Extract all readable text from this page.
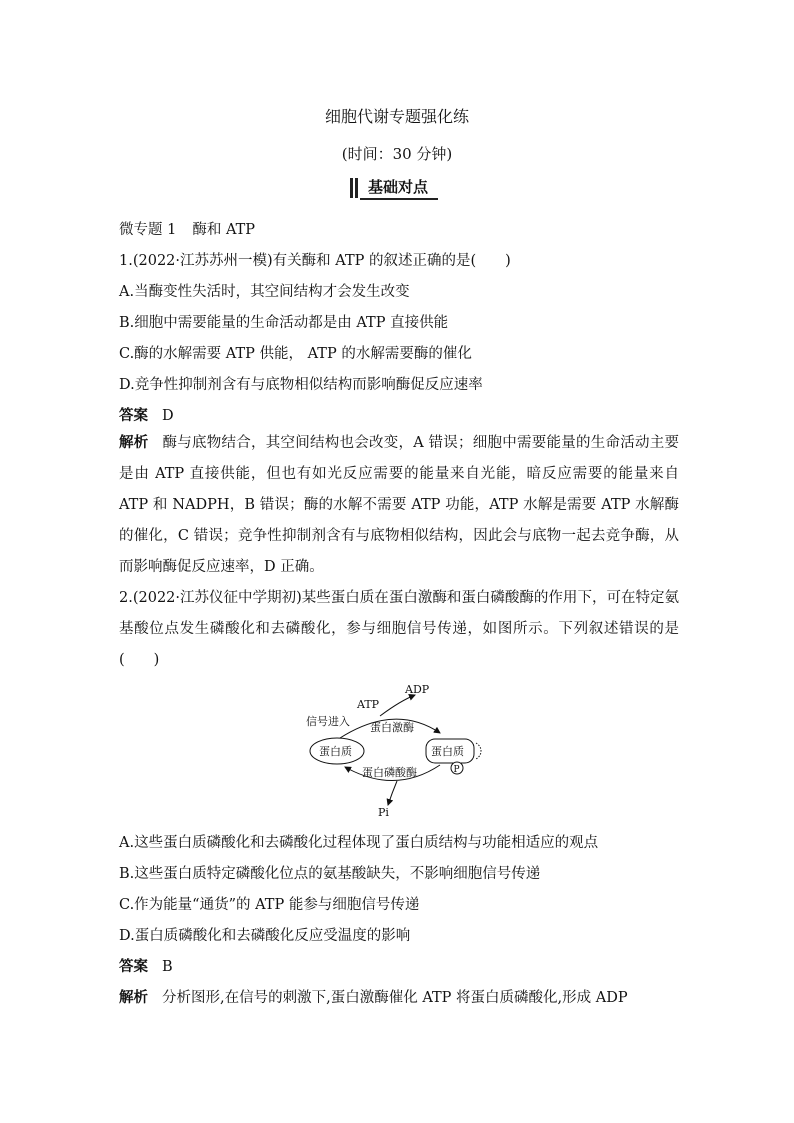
细胞代谢专题强化练
(时间：30 分钟)
基础对点
微专题 1 酶和 ATP
1.(2022·江苏苏州一模)有关酶和 ATP 的叙述正确的是(　　)
A.当酶变性失活时，其空间结构才会发生改变
B.细胞中需要能量的生命活动都是由 ATP 直接供能
C.酶的水解需要 ATP 供能， ATP 的水解需要酶的催化
D.竞争性抑制剂含有与底物相似结构而影响酶促反应速率
答案 D
解析 酶与底物结合，其空间结构也会改变，A 错误；细胞中需要能量的生命活动主要是由 ATP 直接供能，但也有如光反应需要的能量来自光能，暗反应需要的能量来自 ATP 和 NADPH，B 错误；酶的水解不需要 ATP 功能，ATP 水解是需要 ATP 水解酶的催化，C 错误；竞争性抑制剂含有与底物相似结构，因此会与底物一起去竞争酶，从而影响酶促反应速率，D 正确。
2.(2022·江苏仪征中学期初)某些蛋白质在蛋白激酶和蛋白磷酸酶的作用下，可在特定氨基酸位点发生磷酸化和去磷酸化，参与细胞信号传递，如图所示。下列叙述错误的是(　　)
ADP
ATP
信号进入 蛋白激酶
蛋白质	蛋白质
P
蛋白磷酸酶
Pi
A.这些蛋白质磷酸化和去磷酸化过程体现了蛋白质结构与功能相适应的观点
B.这些蛋白质特定磷酸化位点的氨基酸缺失，不影响细胞信号传递
C.作为能量“通货”的 ATP 能参与细胞信号传递
D.蛋白质磷酸化和去磷酸化反应受温度的影响
答案 B
解析 分析图形,在信号的刺激下,蛋白激酶催化 ATP 将蛋白质磷酸化,形成 ADP
